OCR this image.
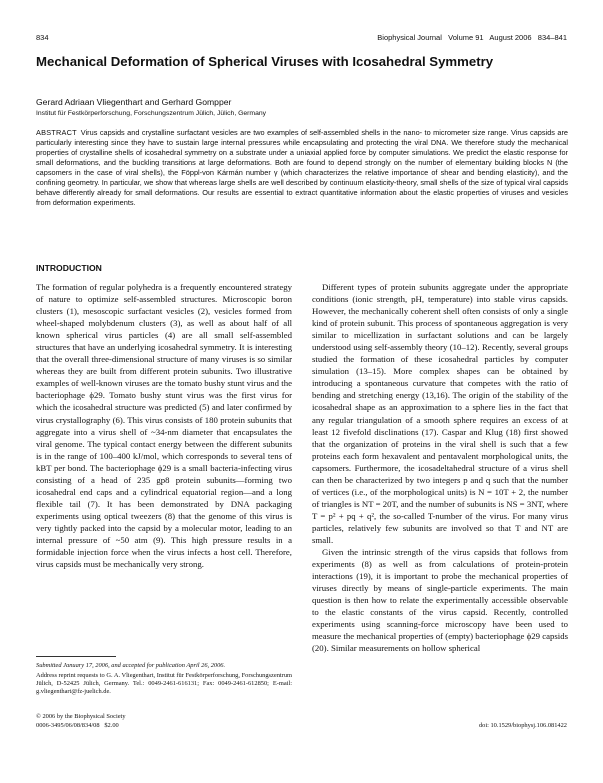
834	Biophysical Journal   Volume 91   August 2006   834–841
Mechanical Deformation of Spherical Viruses with Icosahedral Symmetry
Gerard Adriaan Vliegenthart and Gerhard Gompper
Institut für Festkörperforschung, Forschungszentrum Jülich, Jülich, Germany

ABSTRACT Virus capsids and crystalline surfactant vesicles are two examples of self-assembled shells in the nano- to micrometer size range. Virus capsids are particularly interesting since they have to sustain large internal pressures while encapsulating and protecting the viral DNA. We therefore study the mechanical properties of crystalline shells of icosahedral symmetry on a substrate under a uniaxial applied force by computer simulations. We predict the elastic response for small deformations, and the buckling transitions at large deformations. Both are found to depend strongly on the number of elementary building blocks N (the capsomers in the case of viral shells), the Föppl-von Kármán number γ (which characterizes the relative importance of shear and bending elasticity), and the confining geometry. In particular, we show that whereas large shells are well described by continuum elasticity-theory, small shells of the size of typical viral capsids behave differently already for small deformations. Our results are essential to extract quantitative information about the elastic properties of viruses and vesicles from deformation experiments.

INTRODUCTION

The formation of regular polyhedra is a frequently encountered strategy of nature to optimize self-assembled structures. Microscopic boron clusters (1), mesoscopic surfactant vesicles (2), vesicles formed from wheel-shaped molybdenum clusters (3), as well as about half of all known spherical virus particles (4) are all small self-assembled structures that have an underlying icosahedral symmetry. It is interesting that the overall three-dimensional structure of many viruses is so similar whereas they are built from different protein subunits. Two illustrative examples of well-known viruses are the tomato bushy stunt virus and the bacteriophage ϕ29. Tomato bushy stunt virus was the first virus for which the icosahedral structure was predicted (5) and later confirmed by virus crystallography (6). This virus consists of 180 protein subunits that aggregate into a virus shell of ~34-nm diameter that encapsulates the viral genome. The typical contact energy between the different subunits is in the range of 100–400 kJ/mol, which corresponds to several tens of kBT per bond. The bacteriophage ϕ29 is a small bacteria-infecting virus consisting of a head of 235 gp8 protein subunits—forming two icosahedral end caps and a cylindrical equatorial region—and a long flexible tail (7). It has been demonstrated by DNA packaging experiments using optical tweezers (8) that the genome of this virus is very tightly packed into the capsid by a molecular motor, leading to an internal pressure of ~50 atm (9). This high pressure results in a formidable injection force when the virus infects a host cell. Therefore, virus capsids must be mechanically very strong.

Different types of protein subunits aggregate under the appropriate conditions (ionic strength, pH, temperature) into stable virus capsids. However, the mechanically coherent shell often consists of only a single kind of protein subunit. This process of spontaneous aggregation is very similar to micellization in surfactant solutions and can be largely understood using self-assembly theory (10–12). Recently, several groups studied the formation of these icosahedral particles by computer simulation (13–15). More complex shapes can be obtained by introducing a spontaneous curvature that competes with the ratio of bending and stretching energy (13,16). The origin of the stability of the icosahedral shape as an approximation to a sphere lies in the fact that any regular triangulation of a smooth sphere requires an excess of at least 12 fivefold disclinations (17). Caspar and Klug (18) first showed that the organization of proteins in the viral shell is such that a few proteins each form hexavalent and pentavalent morphological units, the capsomers. Furthermore, the icosadeltahedral structure of a virus shell can then be characterized by two integers p and q such that the number of vertices (i.e., of the morphological units) is N = 10T + 2, the number of triangles is NT = 20T, and the number of subunits is NS = 3NT, where T = p² + pq + q², the so-called T-number of the virus. For many virus particles, relatively few subunits are involved so that T and NT are small.

Given the intrinsic strength of the virus capsids that follows from experiments (8) as well as from calculations of protein-protein interactions (19), it is important to probe the mechanical properties of viruses directly by means of single-particle experiments. The main question is then how to relate the experimentally accessible observable to the elastic constants of the virus capsid. Recently, controlled experiments using scanning-force microscopy have been used to measure the mechanical properties of (empty) bacteriophage ϕ29 capsids (20). Similar measurements on hollow spherical

Submitted January 17, 2006, and accepted for publication April 26, 2006.

Address reprint requests to G. A. Vliegenthart, Institut für Festkörperforschung, Forschungszentrum Jülich, D-52425 Jülich, Germany. Tel.: 0049-2461-616131; Fax: 0049-2461-612850; E-mail: g.vliegenthart@fz-juelich.de.

© 2006 by the Biophysical Society

0006-3495/06/08/834/08   $2.00	doi: 10.1529/biophysj.106.081422
